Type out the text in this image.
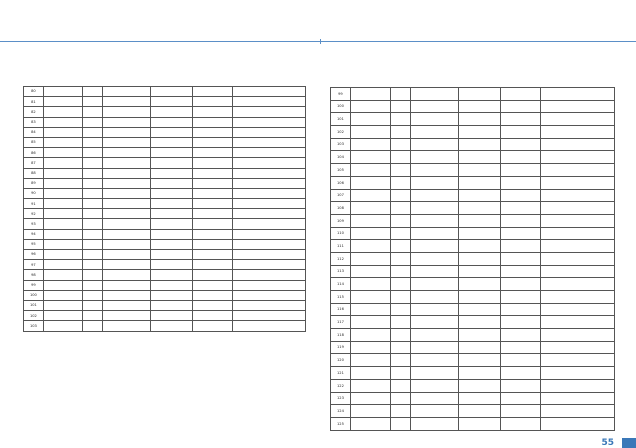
80						
81						
82						
83						
84						
85						
86						
87						
88						
89						
90						
91						
92						
93						
94						
95						
96						
97						
98						
99						
100						
101						
102						
103						
99						
100						
101						
102						
103						
104						
105						
106						
107						
108						
109						
110						
111						
112						
113						
114						
115						
116						
117						
118						
119						
120						
121						
122						
123						
124						
125						
55
